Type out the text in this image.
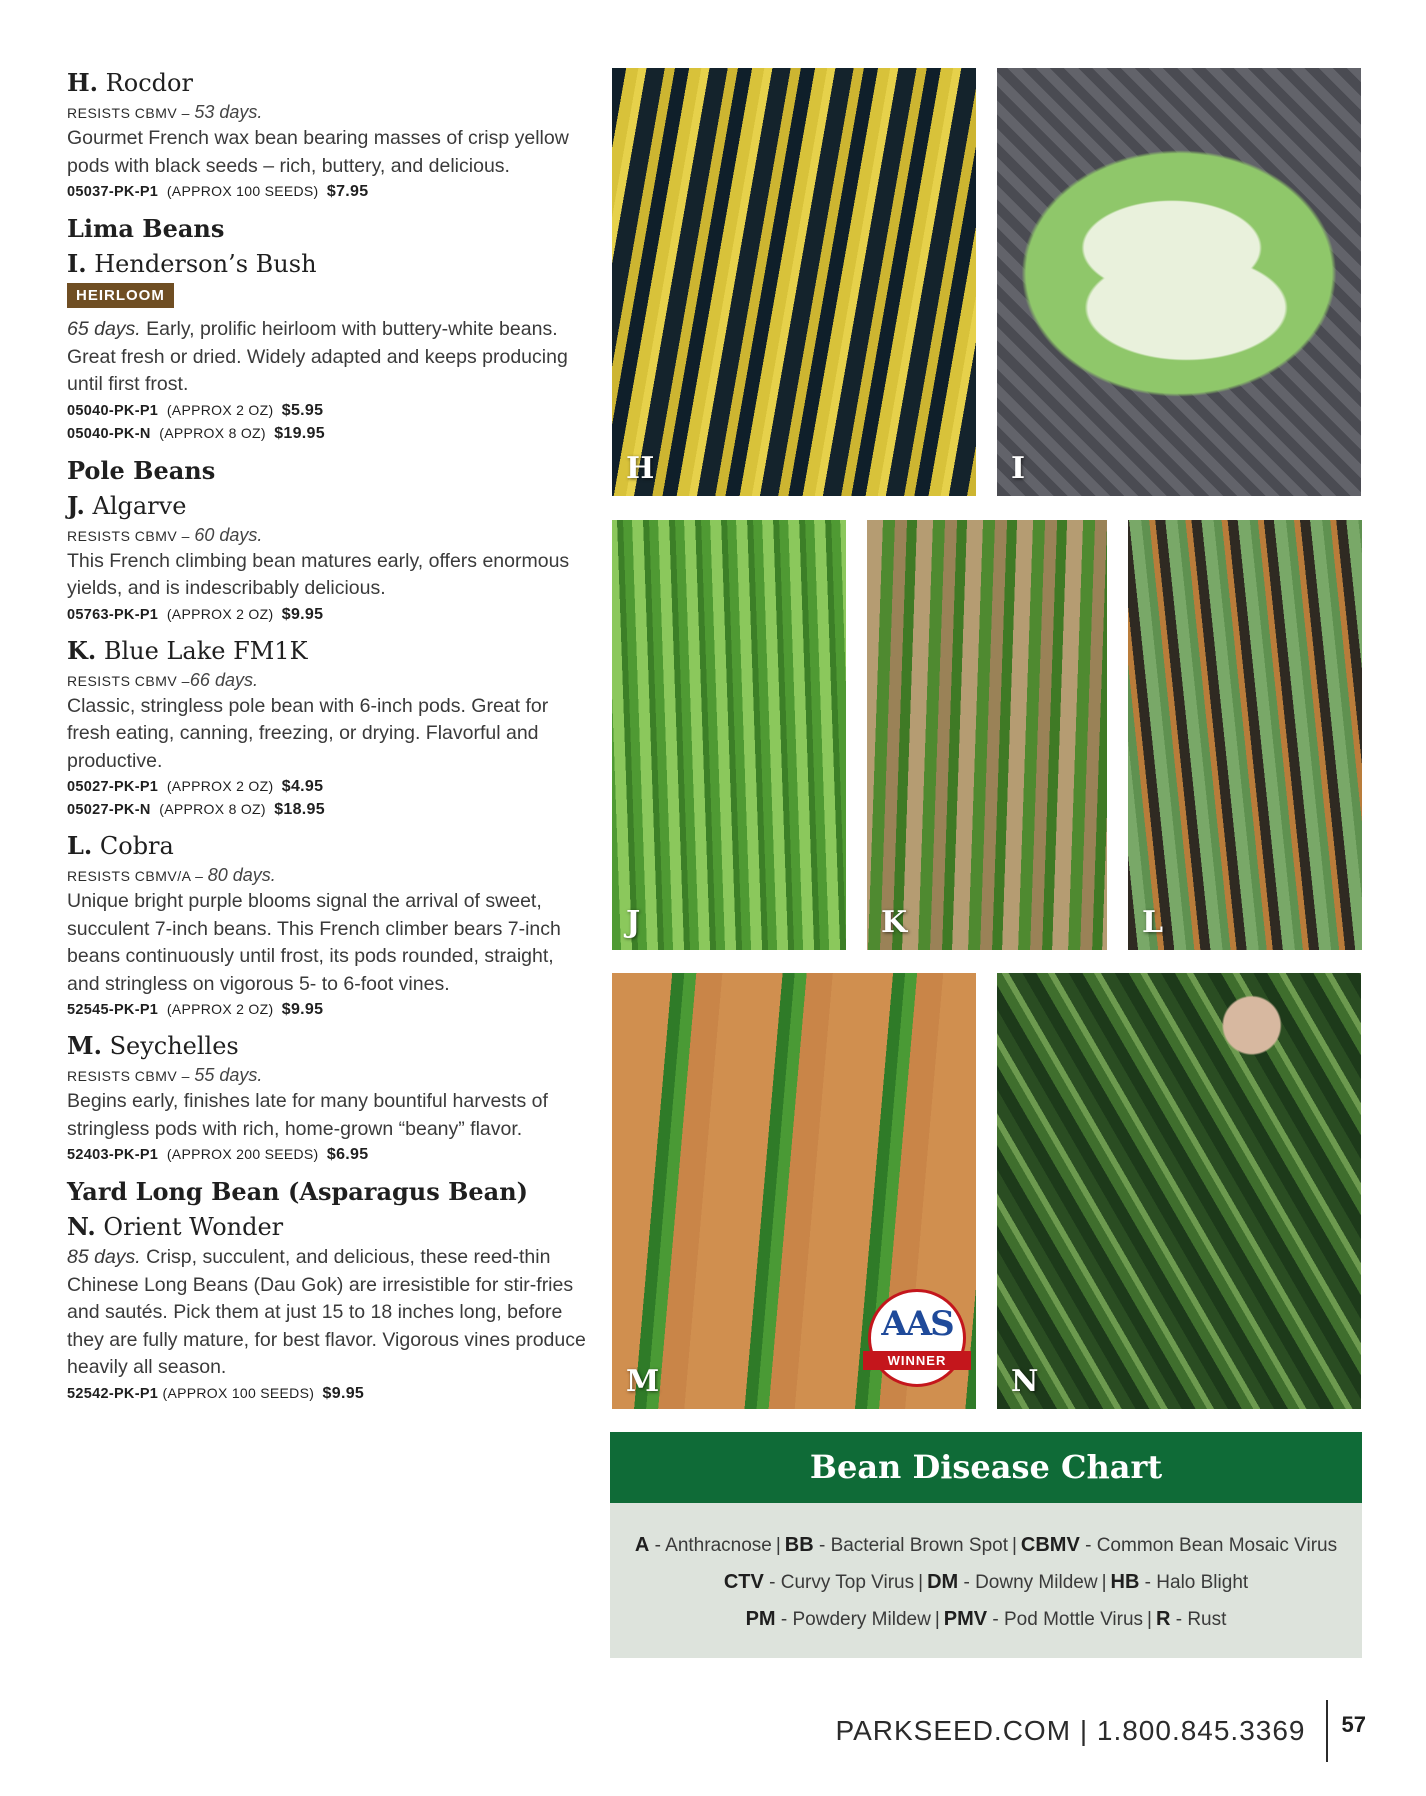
H. Rocdor
RESISTS CBMV – 53 days.
Gourmet French wax bean bearing masses of crisp yellow pods with black seeds – rich, buttery, and delicious.
05037-PK-P1 (APPROX 100 SEEDS) $7.95
Lima Beans
I. Henderson’s Bush
HEIRLOOM
65 days. Early, prolific heirloom with buttery-white beans. Great fresh or dried. Widely adapted and keeps producing until first frost.
05040-PK-P1 (APPROX 2 OZ) $5.95
05040-PK-N (APPROX 8 OZ) $19.95
Pole Beans
J. Algarve
RESISTS CBMV – 60 days.
This French climbing bean matures early, offers enormous yields, and is indescribably delicious.
05763-PK-P1 (APPROX 2 OZ) $9.95
K. Blue Lake FM1K
RESISTS CBMV –66 days.
Classic, stringless pole bean with 6-inch pods. Great for fresh eating, canning, freezing, or drying. Flavorful and productive.
05027-PK-P1 (APPROX 2 OZ) $4.95
05027-PK-N (APPROX 8 OZ) $18.95
L. Cobra
RESISTS CBMV/A – 80 days.
Unique bright purple blooms signal the arrival of sweet, succulent 7-inch beans. This French climber bears 7-inch beans continuously until frost, its pods rounded, straight, and stringless on vigorous 5- to 6-foot vines.
52545-PK-P1 (APPROX 2 OZ) $9.95
M. Seychelles
RESISTS CBMV – 55 days.
Begins early, finishes late for many bountiful harvests of stringless pods with rich, home-grown “beany” flavor.
52403-PK-P1 (APPROX 200 SEEDS) $6.95
Yard Long Bean (Asparagus Bean)
N. Orient Wonder
85 days. Crisp, succulent, and delicious, these reed-thin Chinese Long Beans (Dau Gok) are irresistible for stir-fries and sautés. Pick them at just 15 to 18 inches long, before they are fully mature, for best flavor. Vigorous vines produce heavily all season.
52542-PK-P1 (APPROX 100 SEEDS) $9.95
H	I
J	K	L
M
AAS
WINNER
N
Bean Disease Chart
A - Anthracnose | BB - Bacterial Brown Spot | CBMV - Common Bean Mosaic Virus
CTV - Curvy Top Virus | DM - Downy Mildew | HB - Halo Blight
PM - Powdery Mildew | PMV - Pod Mottle Virus | R - Rust
PARKSEED.COM | 1.800.845.3369 57
